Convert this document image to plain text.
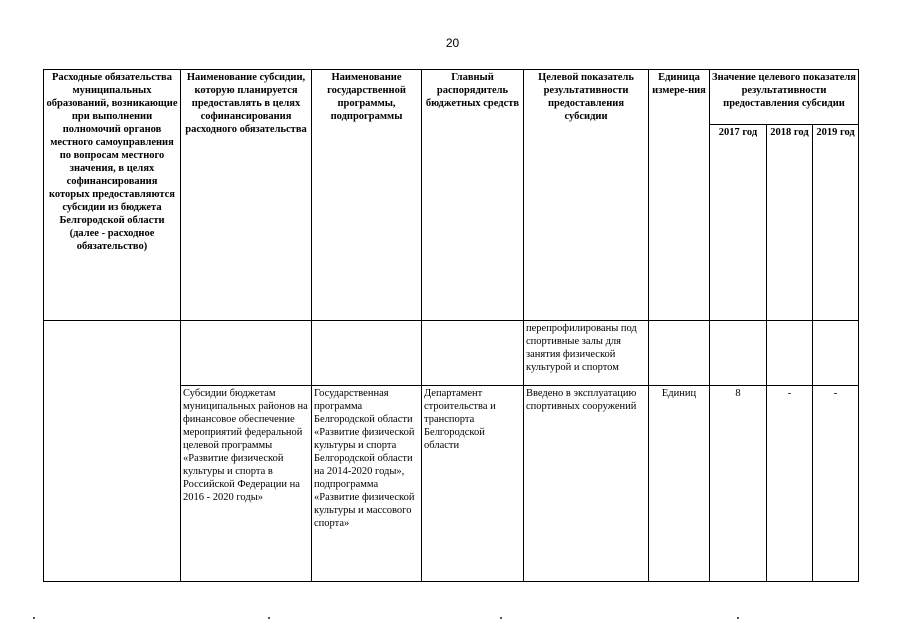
20
Расходные обязательства муниципальных образований, возникающие при выполнении полномочий органов местного самоуправления по вопросам местного значения, в целях софинансирования которых предоставляются субсидии из бюджета Белгородской области (далее - расходное обязательство)	Наименование субсидии, которую планируется предоставлять в целях софинансирования расходного обязательства	Наименование государственной программы, подпрограммы	Главный распорядитель бюджетных средств	Целевой показатель результативности предоставления субсидии	Единица измере-ния	Значение целевого показателя результативности предоставления субсидии		
						2017 год	2018 год	2019 год
				перепрофилированы под спортивные залы для занятия физической культурой и спортом				
	Субсидии бюджетам муниципальных районов на финансовое обеспечение мероприятий федеральной целевой программы «Развитие физической культуры и спорта в Российской Федерации на 2016 - 2020 годы»	Государственная программа Белгородской области «Развитие физической культуры и спорта Белгородской области на 2014-2020 годы», подпрограмма «Развитие физической культуры и массового спорта»	Департамент строительства и транспорта Белгородской области	Введено в эксплуатацию спортивных сооружений	Единиц	8	-	-
